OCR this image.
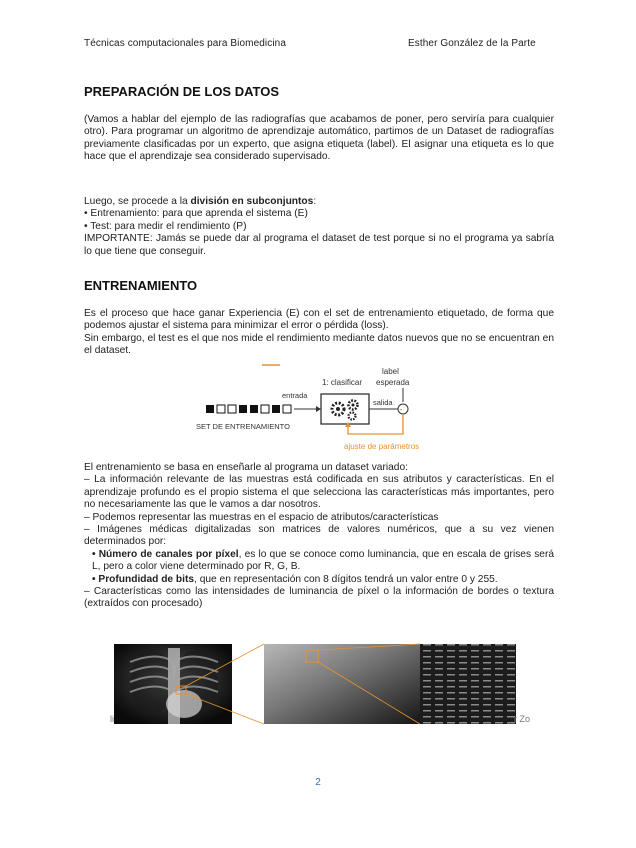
Técnicas computacionales para Biomedicina	Esther González de la Parte
PREPARACIÓN DE LOS DATOS

(Vamos a hablar del ejemplo de las radiografías que acabamos de poner, pero serviría para cualquier otro). Para programar un algoritmo de aprendizaje automático, partimos de un Dataset de radiografías previamente clasificadas por un experto, que asigna etiqueta (label). El asignar una etiqueta es lo que hace que el aprendizaje sea considerado supervisado.

Luego, se procede a la división en subconjuntos:
• Entrenamiento: para que aprenda el sistema (E)
• Test: para medir el rendimiento (P)
IMPORTANTE: Jamás se puede dar al programa el dataset de test porque si no el programa ya sabría lo que tiene que conseguir.
ENTRENAMIENTO
Es el proceso que hace ganar Experiencia (E) con el set de entrenamiento etiquetado, de forma que podemos ajustar el sistema para minimizar el error o pérdida (loss).
Sin embargo, el test es el que nos mide el rendimiento mediante datos nuevos que no se encuentran en el dataset.
label
esperada
1: clasificar
entrada
salida
-
ajuste de parámetros
SET DE ENTRENAMIENTO
El entrenamiento se basa en enseñarle al programa un dataset variado:
– La información relevante de las muestras está codificada en sus atributos y características. En el aprendizaje profundo es el propio sistema el que selecciona las características más importantes, pero no necesariamente las que le vamos a dar nosotros.
– Podemos representar las muestras en el espacio de atributos/características
– Imágenes médicas digitalizadas son matrices de valores numéricos, que a su vez vienen determinados por:
• Número de canales por píxel, es lo que se conoce como luminancia, que en escala de grises será L, pero a color viene determinado por R, G, B.
• Profundidad de bits, que en representación con 8 dígitos tendrá un valor entre 0 y 255.
– Características como las intensidades de luminancia de píxel o la información de bordes o textura (extraídos con procesado)
li	r Zo
2
